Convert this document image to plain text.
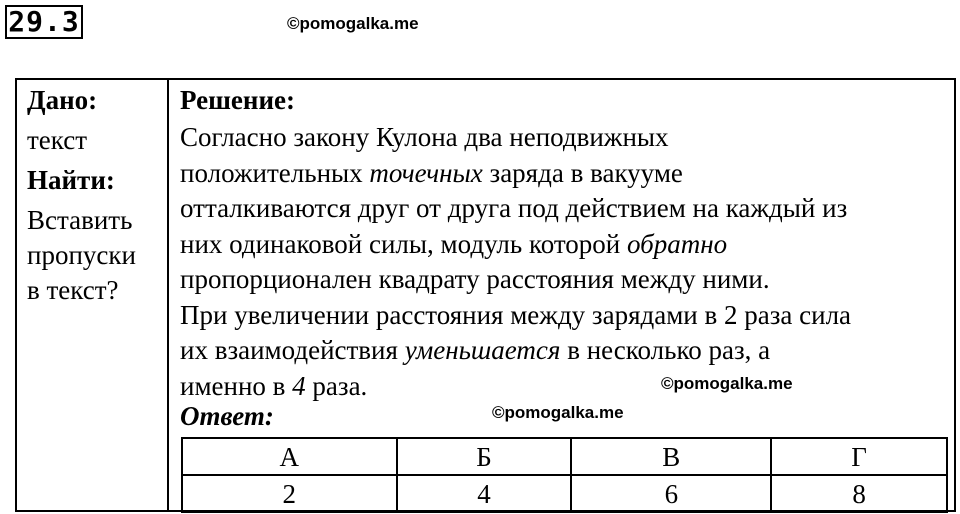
29.3	©pomogalka.me
Дано:
текст
Найти:
Вставить
пропуски
в текст?
Решение:
Согласно закону Кулона два неподвижных
положительных точечных заряда в вакууме
отталкиваются друг от друга под действием на каждый из
них одинаковой силы, модуль которой обратно
пропорционален квадрату расстояния между ними.
При увеличении расстояния между зарядами в 2 раза сила
их взаимодействия уменьшается в несколько раз, а
именно в 4 раза.
Ответ:
А	Б	В	Г
2	4	6	8
©pomogalka.me
©pomogalka.me
